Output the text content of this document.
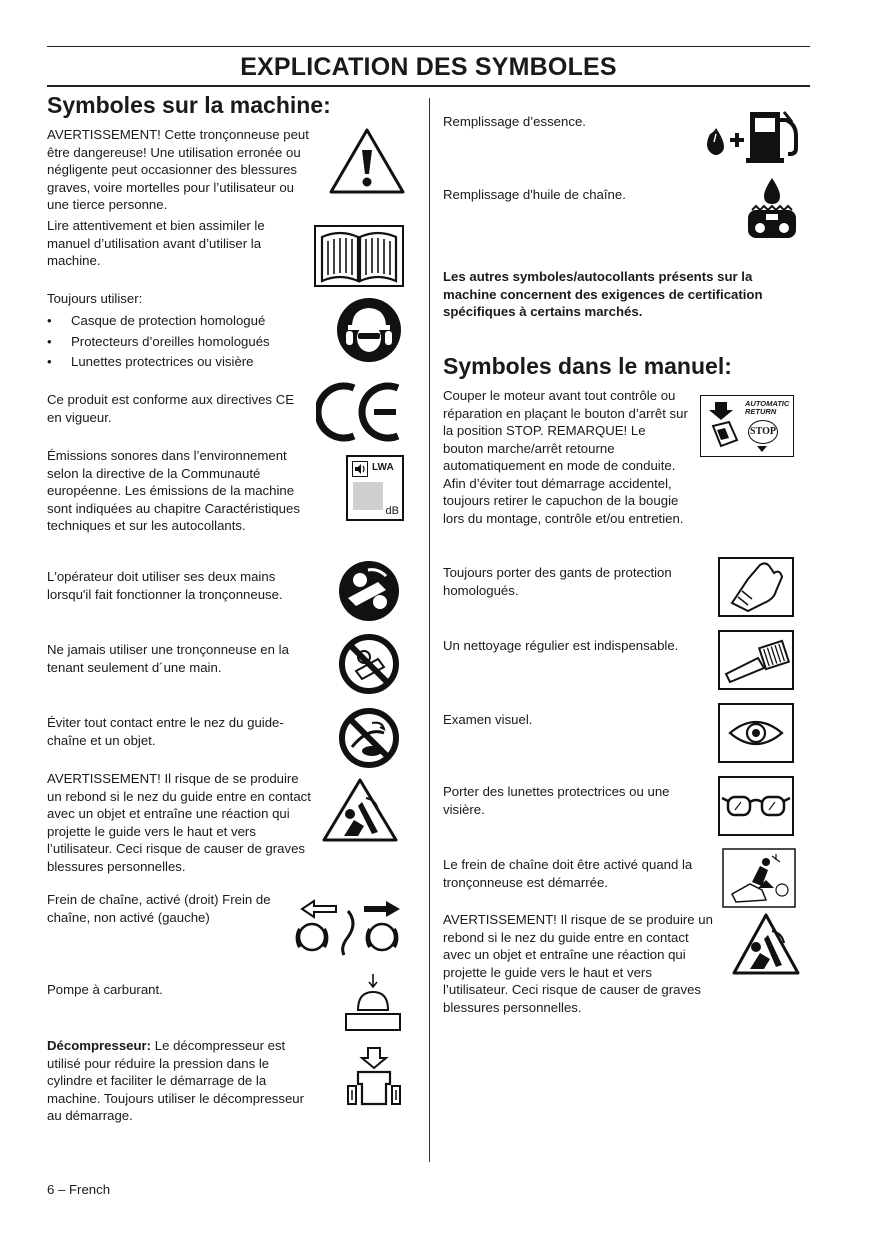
EXPLICATION DES SYMBOLES
Symboles sur la machine:
AVERTISSEMENT! Cette tronçonneuse peut être dangereuse! Une utilisation erronée ou négligente peut occasionner des blessures graves, voire mortelles pour l’utilisateur ou une tierce personne.
Lire attentivement et bien assimiler le manuel d’utilisation avant d’utiliser la machine.
Toujours utiliser:
• Casque de protection homologué
• Protecteurs d’oreilles homologués
• Lunettes protectrices ou visière
Ce produit est conforme aux directives CE en vigueur.
Émissions sonores dans l’environnement selon la directive de la Communauté européenne. Les émissions de la machine sont indiquées au chapitre Caractéristiques techniques et sur les autocollants.
LWA
dB
L'opérateur doit utiliser ses deux mains lorsqu'il fait fonctionner la tronçonneuse.
Ne jamais utiliser une tronçonneuse en la tenant seulement d´une main.
Éviter tout contact entre le nez du guide-chaîne et un objet.
AVERTISSEMENT! Il risque de se produire un rebond si le nez du guide entre en contact avec un objet et entraîne une réaction qui projette le guide vers le haut et vers l’utilisateur. Ceci risque de causer de graves blessures personnelles.
Frein de chaîne, activé (droit) Frein de chaîne, non activé (gauche)
Pompe à carburant.
Décompresseur: Le décompresseur est utilisé pour réduire la pression dans le cylindre et faciliter le démarrage de la machine. Toujours utiliser le décompresseur au démarrage.
Remplissage d’essence.
Remplissage d'huile de chaîne.
Les autres symboles/autocollants présents sur la machine concernent des exigences de certification spécifiques à certains marchés.
Symboles dans le manuel:
Couper le moteur avant tout contrôle ou réparation en plaçant le bouton d’arrêt sur la position STOP. REMARQUE! Le bouton marche/arrêt retourne automatiquement en mode de conduite. Afin d’éviter tout démarrage accidentel, toujours retirer le capuchon de la bougie lors du montage, contrôle et/ou entretien.
AUTOMATIC
RETURN
STOP
Toujours porter des gants de protection homologués.
Un nettoyage régulier est indispensable.
Examen visuel.
Porter des lunettes protectrices ou une visière.
Le frein de chaîne doit être activé quand la tronçonneuse est démarrée.
AVERTISSEMENT! Il risque de se produire un rebond si le nez du guide entre en contact avec un objet et entraîne une réaction qui projette le guide vers le haut et vers l’utilisateur. Ceci risque de causer de graves blessures personnelles.
6 – French
